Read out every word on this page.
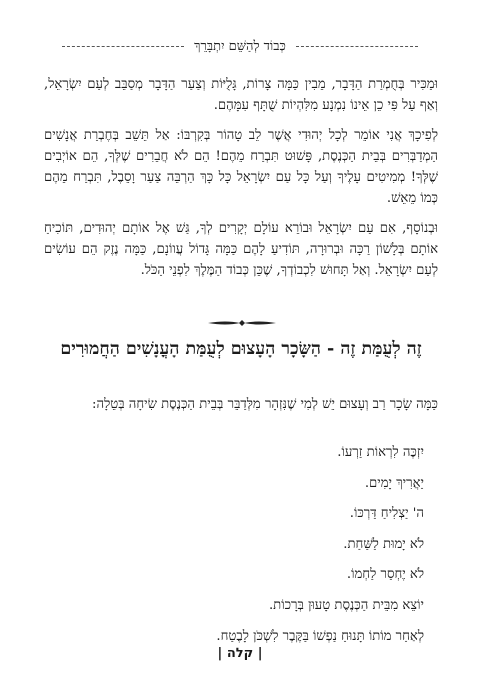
כְּבוֹד לְהַשֵּׁם יִתְבָּרֵךְ

וּמַכִּיר בְּחֻמְרַת הַדָּבָר, מֵבִין כַּמָּה צָרוֹת, גָּלֻיּוֹת וְצַעַר הַדָּבָר מְסַבֵּב לְעַם יִשְׂרָאֵל, וְאַף עַל פִּי כֵן אֵינוֹ נִמְנָע מִלִּהְיוֹת שֻׁתָּף עִמָּהֶם.

לְפִיכָךְ אֲנִי אוֹמֵר לְכָל יְהוּדִי אֲשֶׁר לֵב טָהוֹר בְּקִרְבּוֹ: אַל תֵּשֵׁב בְּחֶבְרַת אֲנָשִׁים הַמְדַבְּרִים בְּבֵית הַכְּנֶסֶת, פָּשׁוּט תִּבְרַח מֵהֶם! הֵם לֹא חֲבֵרִים שֶׁלְּךָ, הֵם אוֹיְבִים שֶׁלְּךָ! מְמִיטִים עָלֶיךָ וְעַל כָּל עַם יִשְׂרָאֵל כָּל כָּךְ הַרְבֵּה צַעַר וָסֵבֶל, תִּבְרַח מֵהֶם כְּמוֹ מֵאֵשׁ.

וּבְנוֹסָף, אִם עַם יִשְׂרָאֵל וּבוֹרֵא עוֹלָם יְקָרִים לְךָ, גַּשׁ אֶל אוֹתָם יְהוּדִים, תּוֹכִיחַ אוֹתָם בְּלָשׁוֹן רַכָּה וּבְרוּרָה, תּוֹדִיעַ לָהֶם כַּמָּה גָּדוֹל עֲווֹנָם, כַּמָּה נֶזֶק הֵם עוֹשִׂים לְעַם יִשְׂרָאֵל. וְאַל תָּחוּשׁ לִכְבוֹדְךָ, שֶׁכֵּן כְּבוֹד הַמֶּלֶךְ לִפְנֵי הַכֹּל.

זֶה לְעֻמַּת זֶה - הַשָּׂכָר הָעָצוּם לְעֻמַּת הָעֳנָשִׁים הַחֲמוּרִים
כַּמָּה שָׂכָר רַב וְעָצוּם יֵשׁ לְמִי שֶׁנִּזְהָר מִלְּדַבֵּר בְּבֵית הַכְּנֶסֶת שִׂיחָה בְּטֵלָה:
יִזְכֶּה לִרְאוֹת זַרְעוֹ.
יַאֲרִיךְ יָמִים.
ה' יַצְלִיחַ דַּרְכּוֹ.
לֹא יָמוּת לַשַּׁחַת.
לֹא יֶחְסַר לַחְמוֹ.
יוֹצֵא מִבֵּית הַכְּנֶסֶת טָעוּן בְּרָכוֹת.
לְאַחַר מוֹתוֹ תָּנוּחַ נַפְשׁוֹ בַּקֶּבֶר לִשְׁכֹּן לָבֶטַח.
| קלה |
